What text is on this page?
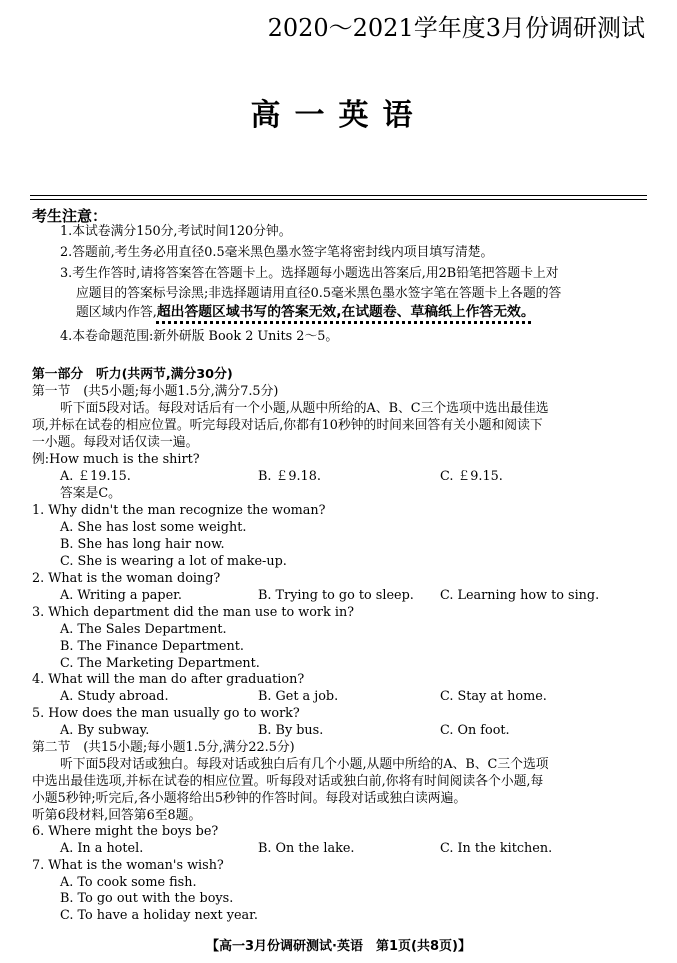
2020～2021学年度3月份调研测试
高一英语
考生注意：
1.本试卷满分150分,考试时间120分钟。
2.答题前,考生务必用直径0.5毫米黑色墨水签字笔将密封线内项目填写清楚。
3.考生作答时,请将答案答在答题卡上。选择题每小题选出答案后,用2B铅笔把答题卡上对
应题目的答案标号涂黑;非选择题请用直径0.5毫米黑色墨水签字笔在答题卡上各题的答
题区域内作答,超出答题区域书写的答案无效,在试题卷、草稿纸上作答无效。
4.本卷命题范围:新外研版 Book 2 Units 2～5。
第一部分　听力(共两节,满分30分)
第一节　(共5小题;每小题1.5分,满分7.5分)
听下面5段对话。每段对话后有一个小题,从题中所给的A、B、C三个选项中选出最佳选
项,并标在试卷的相应位置。听完每段对话后,你都有10秒钟的时间来回答有关小题和阅读下
一小题。每段对话仅读一遍。
例:How much is the shirt?
A. ￡19.15.	B. ￡9.18.	C. ￡9.15.
答案是C。
1. Why didn't the man recognize the woman?
A. She has lost some weight.
B. She has long hair now.
C. She is wearing a lot of make-up.
2. What is the woman doing?
A. Writing a paper.	B. Trying to go to sleep. C. Learning how to sing.
3. Which department did the man use to work in?
A. The Sales Department.
B. The Finance Department.
C. The Marketing Department.
4. What will the man do after graduation?
A. Study abroad.	B. Get a job.	C. Stay at home.
5. How does the man usually go to work?
A. By subway.	B. By bus.	C. On foot.
第二节　(共15小题;每小题1.5分,满分22.5分)
听下面5段对话或独白。每段对话或独白后有几个小题,从题中所给的A、B、C三个选项
中选出最佳选项,并标在试卷的相应位置。听每段对话或独白前,你将有时间阅读各个小题,每
小题5秒钟;听完后,各小题将给出5秒钟的作答时间。每段对话或独白读两遍。
听第6段材料,回答第6至8题。
6. Where might the boys be?
A. In a hotel.	B. On the lake.	C. In the kitchen.
7. What is the woman's wish?
A. To cook some fish.
B. To go out with the boys.
C. To have a holiday next year.
【高一3月份调研测试·英语　第1页(共8页)】
